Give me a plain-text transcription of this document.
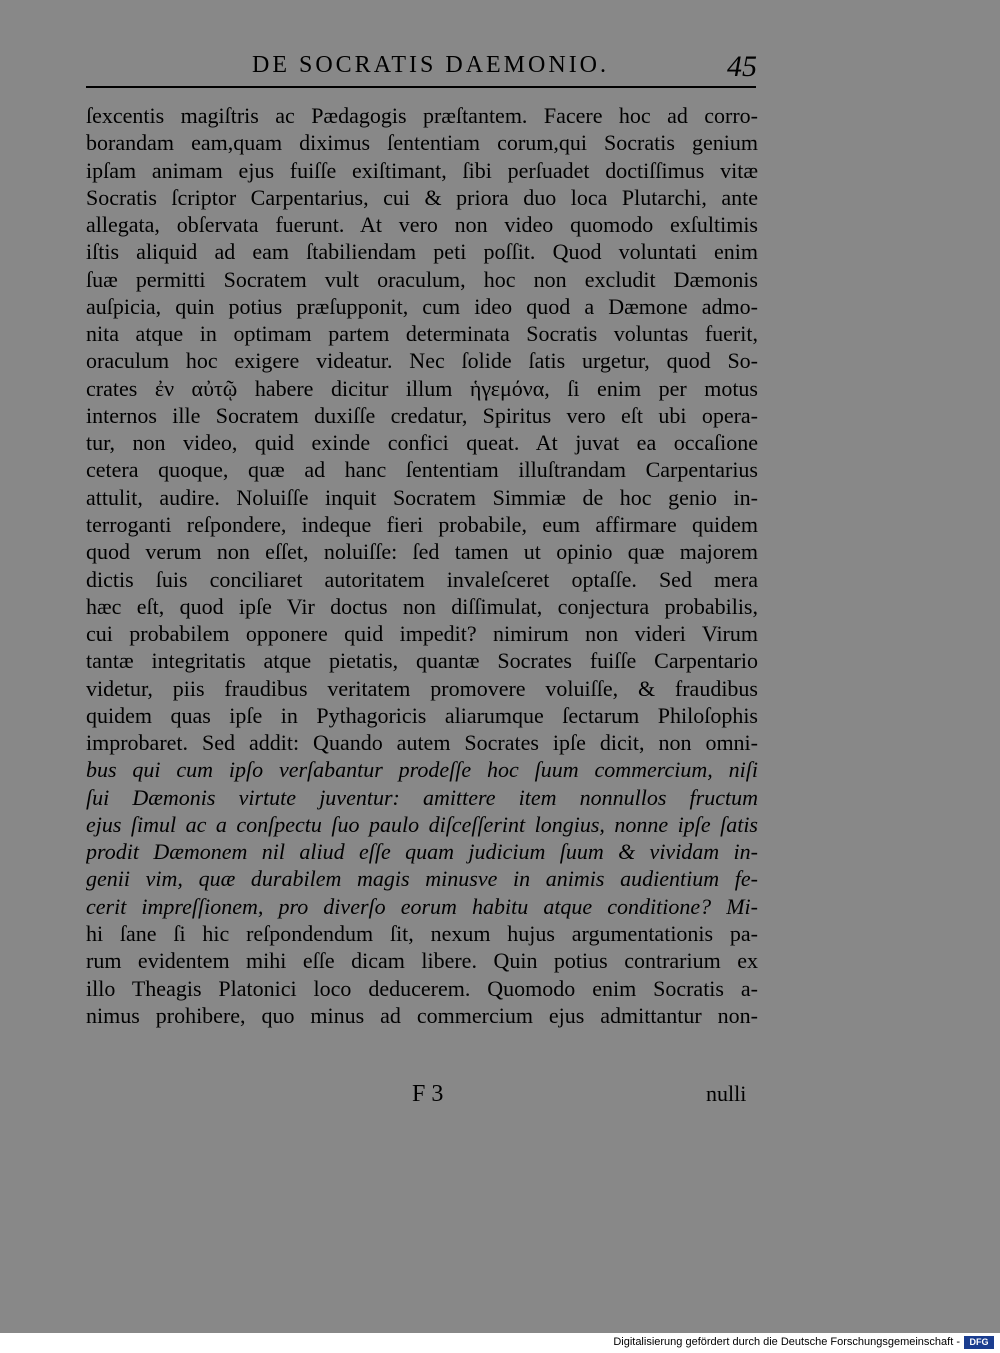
DE SOCRATIS DAEMONIO.	45
ſexcentis magiſtris ac Pædagogis præſtantem. Facere hoc ad corro-
borandam eam,quam diximus ſententiam corum,qui Socratis genium
ipſam animam ejus fuiſſe exiſtimant, ſibi perſuadet doctiſſimus vitæ
Socratis ſcriptor Carpentarius, cui & priora duo loca Plutarchi, ante
allegata, obſervata fuerunt. At vero non video quomodo exſultimis
iſtis aliquid ad eam ſtabiliendam peti poſſit. Quod voluntati enim
ſuæ permitti Socratem vult oraculum, hoc non excludit Dæmonis
auſpicia, quin potius præſupponit, cum ideo quod a Dæmone admo-
nita atque in optimam partem determinata Socratis voluntas fuerit,
oraculum hoc exigere videatur. Nec ſolide ſatis urgetur, quod So-
crates ἐν αὐτῷ habere dicitur illum ἡγεμόνα, ſi enim per motus
internos ille Socratem duxiſſe credatur, Spiritus vero eſt ubi opera-
tur, non video, quid exinde confici queat. At juvat ea occaſione
cetera quoque, quæ ad hanc ſententiam illuſtrandam Carpentarius
attulit, audire. Noluiſſe inquit Socratem Simmiæ de hoc genio in-
terroganti reſpondere, indeque fieri probabile, eum affirmare quidem
quod verum non eſſet, noluiſſe: ſed tamen ut opinio quæ majorem
dictis ſuis conciliaret autoritatem invaleſceret optaſſe. Sed mera
hæc eſt, quod ipſe Vir doctus non diſſimulat, conjectura probabilis,
cui probabilem opponere quid impedit? nimirum non videri Virum
tantæ integritatis atque pietatis, quantæ Socrates fuiſſe Carpentario
videtur, piis fraudibus veritatem promovere voluiſſe, & fraudibus
quidem quas ipſe in Pythagoricis aliarumque ſectarum Philoſophis
improbaret. Sed addit: Quando autem Socrates ipſe dicit, non omni-
bus qui cum ipſo verſabantur prodeſſe hoc ſuum commercium, niſi
ſui Dæmonis virtute juventur: amittere item nonnullos fructum
ejus ſimul ac a conſpectu ſuo paulo diſceſſerint longius, nonne ipſe ſatis
prodit Dæmonem nil aliud eſſe quam judicium ſuum & vividam in-
genii vim, quæ durabilem magis minusve in animis audientium fe-
cerit impreſſionem, pro diverſo eorum habitu atque conditione? Mi-
hi ſane ſi hic reſpondendum ſit, nexum hujus argumentationis pa-
rum evidentem mihi eſſe dicam libere. Quin potius contrarium ex
illo Theagis Platonici loco deducerem. Quomodo enim Socratis a-
nimus prohibere, quo minus ad commercium ejus admittantur non-
F 3	nulli
Digitalisierung gefördert durch die Deutsche Forschungsgemeinschaft -	DFG
